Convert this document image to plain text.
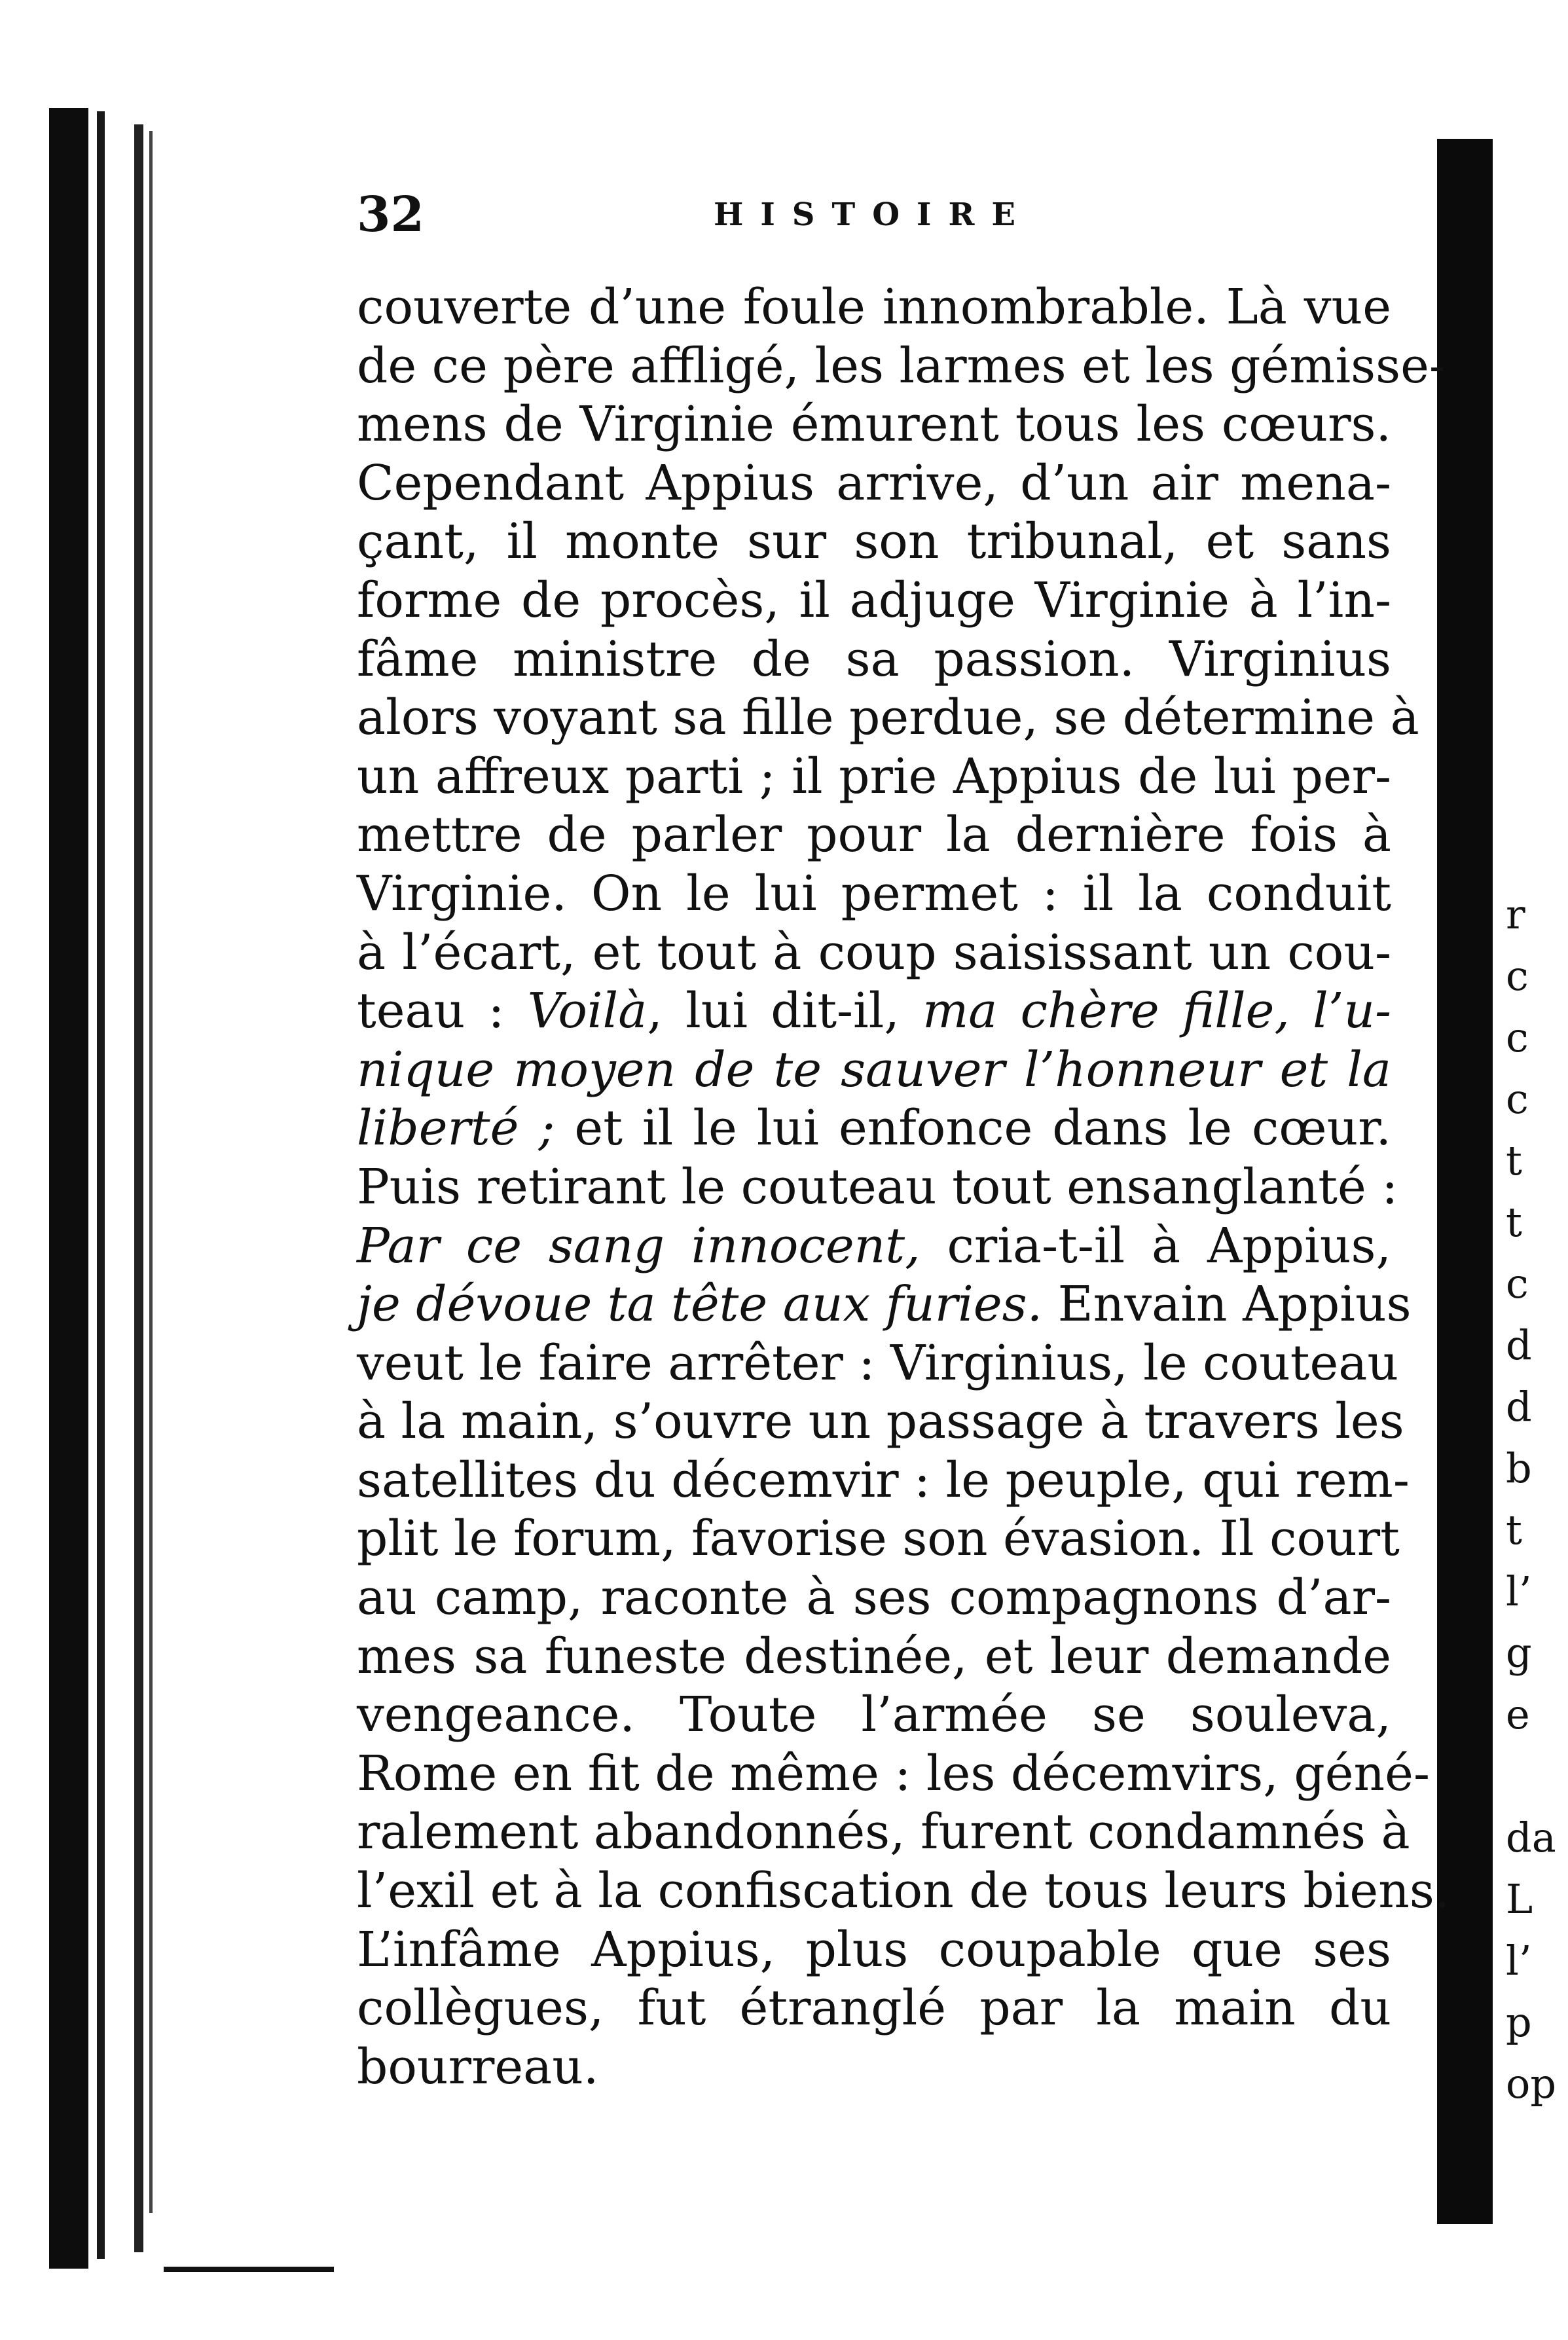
32	HISTOIRE
couverte d’une foule innombrable. Là vue
de ce père affligé, les larmes et les gémisse-
mens de Virginie émurent tous les cœurs.
Cependant Appius arrive, d’un air mena-
çant, il monte sur son tribunal, et sans
forme de procès, il adjuge Virginie à l’in-
fâme ministre de sa passion. Virginius
alors voyant sa fille perdue, se détermine à
un affreux parti ; il prie Appius de lui per-
mettre de parler pour la dernière fois à
Virginie. On le lui permet : il la conduit
à l’écart, et tout à coup saisissant un cou-
teau : Voilà, lui dit-il, ma chère fille, l’u-
nique moyen de te sauver l’honneur et la
liberté ; et il le lui enfonce dans le cœur.
Puis retirant le couteau tout ensanglanté :
Par ce sang innocent, cria-t-il à Appius,
je dévoue ta tête aux furies. Envain Appius
veut le faire arrêter : Virginius, le couteau
à la main, s’ouvre un passage à travers les
satellites du décemvir : le peuple, qui rem-
plit le forum, favorise son évasion. Il court
au camp, raconte à ses compagnons d’ar-
mes sa funeste destinée, et leur demande
vengeance. Toute l’armée se souleva,
Rome en fit de même : les décemvirs, géné-
ralement abandonnés, furent condamnés à
l’exil et à la confiscation de tous leurs biens.
L’infâme Appius, plus coupable que ses
collègues, fut étranglé par la main du
bourreau.
r
c
c
c
t
t
c
d
d
b
t
l’
g
e
da
L
l’
p
op
